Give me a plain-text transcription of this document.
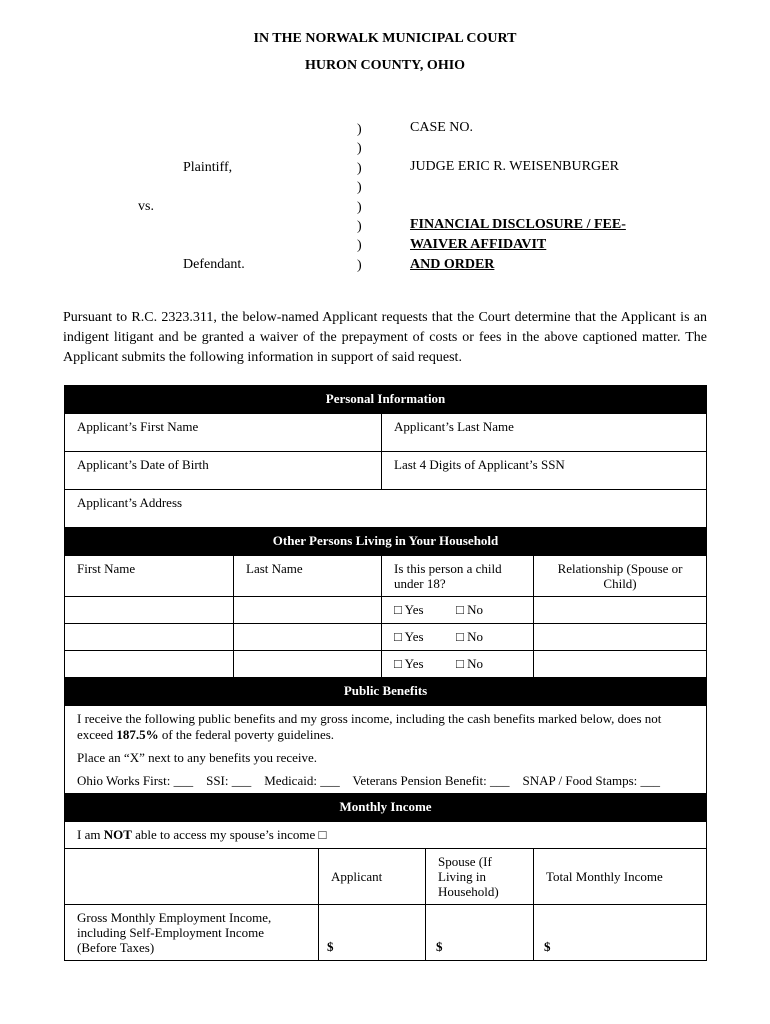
IN THE NORWALK MUNICIPAL COURT
HURON COUNTY, OHIO
Plaintiff,
vs.
Defendant.
)
)
)
)
)
)
)
)
CASE NO.
JUDGE ERIC R. WEISENBURGER
FINANCIAL DISCLOSURE / FEE-
WAIVER AFFIDAVIT
AND ORDER
Pursuant to R.C. 2323.311, the below-named Applicant requests that the Court determine that the Applicant is an indigent litigant and be granted a waiver of the prepayment of costs or fees in the above captioned matter. The Applicant submits the following information in support of said request.
Personal Information					
Applicant’s First Name			Applicant’s Last Name		
Applicant’s Date of Birth			Last 4 Digits of Applicant’s SSN		
Applicant’s Address					
Other Persons Living in Your Household					
First Name	Last Name		Is this person a child under 18?		Relationship (Spouse or Child)
			□ Yes □ No		
			□ Yes □ No		
			□ Yes □ No		
Public Benefits					

I receive the following public benefits and my gross income, including the cash benefits marked below, does not exceed 187.5% of the federal poverty guidelines.

Place an “X” next to any benefits you receive.

Ohio Works First: ___    SSI: ___    Medicaid: ___    Veterans Pension Benefit: ___    SNAP / Food Stamps: ___					

Monthly Income					
I am NOT able to access my spouse’s income □					
		Applicant		Spouse (If Living in Household)	Total Monthly Income
Gross Monthly Employment Income, including Self-Employment Income (Before Taxes)		$		$	$
